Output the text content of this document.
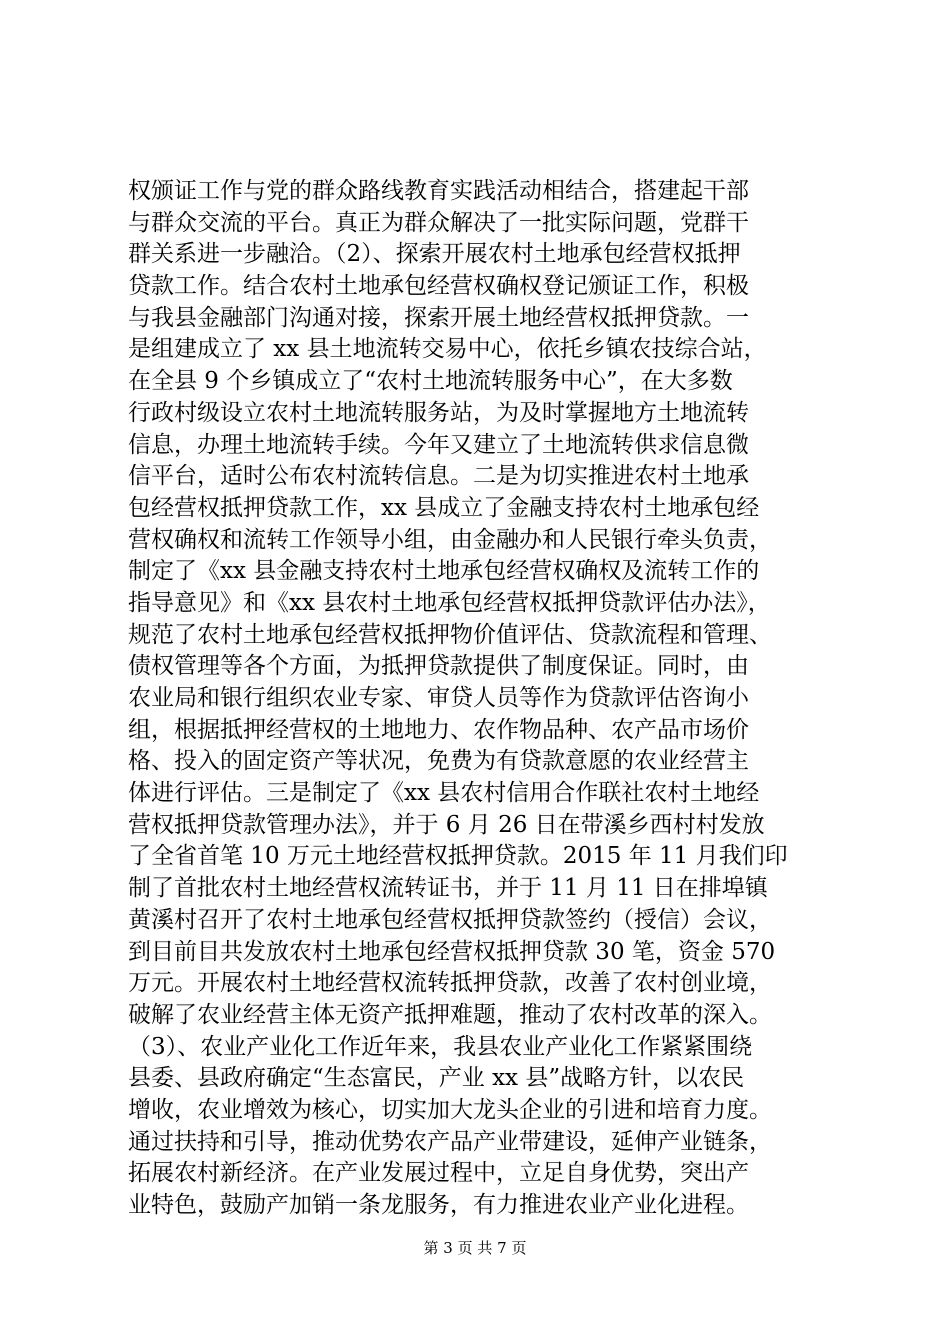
权颁证工作与党的群众路线教育实践活动相结合，搭建起干部
与群众交流的平台。真正为群众解决了一批实际问题，党群干
群关系进一步融洽。（2）、探索开展农村土地承包经营权抵押
贷款工作。结合农村土地承包经营权确权登记颁证工作，积极
与我县金融部门沟通对接，探索开展土地经营权抵押贷款。一
是组建成立了 xx 县土地流转交易中心，依托乡镇农技综合站，
在全县 9 个乡镇成立了“农村土地流转服务中心”，在大多数
行政村级设立农村土地流转服务站，为及时掌握地方土地流转
信息，办理土地流转手续。今年又建立了土地流转供求信息微
信平台，适时公布农村流转信息。二是为切实推进农村土地承
包经营权抵押贷款工作，xx 县成立了金融支持农村土地承包经
营权确权和流转工作领导小组，由金融办和人民银行牵头负责，
制定了《xx 县金融支持农村土地承包经营权确权及流转工作的
指导意见》和《xx 县农村土地承包经营权抵押贷款评估办法》，
规范了农村土地承包经营权抵押物价值评估、贷款流程和管理、
债权管理等各个方面，为抵押贷款提供了制度保证。同时，由
农业局和银行组织农业专家、审贷人员等作为贷款评估咨询小
组，根据抵押经营权的土地地力、农作物品种、农产品市场价
格、投入的固定资产等状况，免费为有贷款意愿的农业经营主
体进行评估。三是制定了《xx 县农村信用合作联社农村土地经
营权抵押贷款管理办法》，并于 6 月 26 日在带溪乡西村村发放
了全省首笔 10 万元土地经营权抵押贷款。2015 年 11 月我们印
制了首批农村土地经营权流转证书，并于 11 月 11 日在排埠镇
黄溪村召开了农村土地承包经营权抵押贷款签约（授信）会议，
到目前目共发放农村土地承包经营权抵押贷款 30 笔，资金 570
万元。开展农村土地经营权流转抵押贷款，改善了农村创业境，
破解了农业经营主体无资产抵押难题，推动了农村改革的深入。
（3）、农业产业化工作近年来，我县农业产业化工作紧紧围绕
县委、县政府确定“生态富民，产业 xx 县”战略方针，以农民
增收，农业增效为核心，切实加大龙头企业的引进和培育力度。
通过扶持和引导，推动优势农产品产业带建设，延伸产业链条，
拓展农村新经济。在产业发展过程中，立足自身优势，突出产
业特色，鼓励产加销一条龙服务，有力推进农业产业化进程。
第 3 页 共 7 页
